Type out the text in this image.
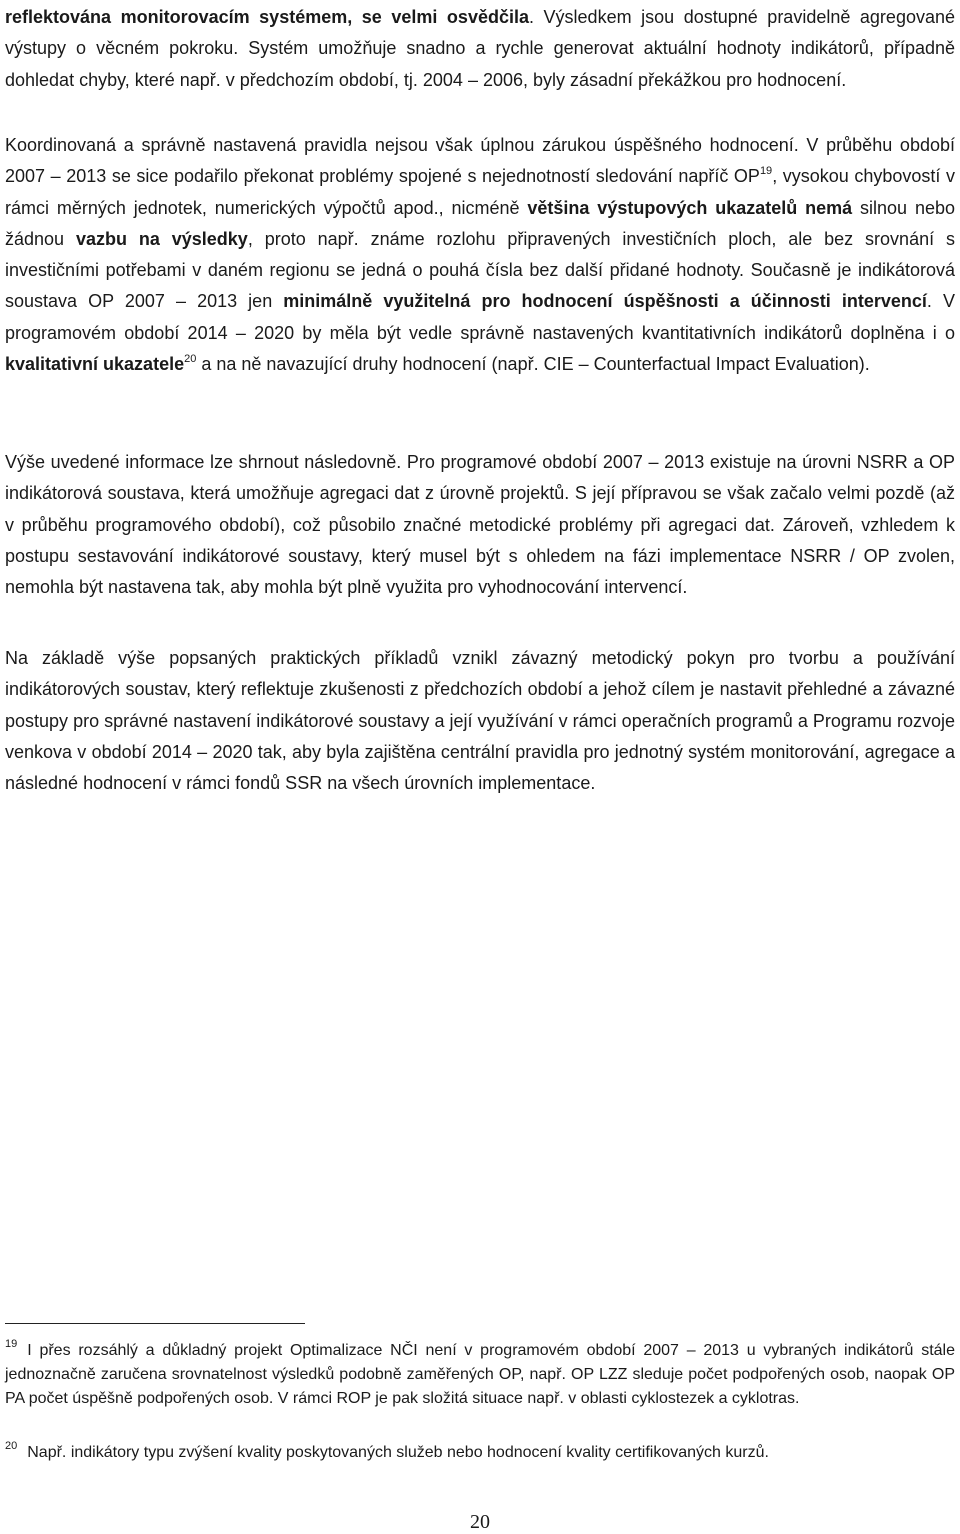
reflektována monitorovacím systémem, se velmi osvědčila. Výsledkem jsou dostupné pravidelně agregované výstupy o věcném pokroku. Systém umožňuje snadno a rychle generovat aktuální hodnoty indikátorů, případně dohledat chyby, které např. v předchozím období, tj. 2004 – 2006, byly zásadní překážkou pro hodnocení.

Koordinovaná a správně nastavená pravidla nejsou však úplnou zárukou úspěšného hodnocení. V průběhu období 2007 – 2013 se sice podařilo překonat problémy spojené s nejednotností sledování napříč OP$^{19}$, vysokou chybovostí v rámci měrných jednotek, numerických výpočtů apod., nicméně většina výstupových ukazatelů nemá silnou nebo žádnou vazbu na výsledky, proto např. známe rozlohu připravených investičních ploch, ale bez srovnání s investičními potřebami v daném regionu se jedná o pouhá čísla bez další přidané hodnoty. Současně je indikátorová soustava OP 2007 – 2013 jen minimálně využitelná pro hodnocení úspěšnosti a účinnosti intervencí. V programovém období 2014 – 2020 by měla být vedle správně nastavených kvantitativních indikátorů doplněna i o kvalitativní ukazatele$^{20}$ a na ně navazující druhy hodnocení (např. CIE – Counterfactual Impact Evaluation).

Výše uvedené informace lze shrnout následovně. Pro programové období 2007 – 2013 existuje na úrovni NSRR a OP indikátorová soustava, která umožňuje agregaci dat z úrovně projektů. S její přípravou se však začalo velmi pozdě (až v průběhu programového období), což působilo značné metodické problémy při agregaci dat. Zároveň, vzhledem k postupu sestavování indikátorové soustavy, který musel být s ohledem na fázi implementace NSRR / OP zvolen, nemohla být nastavena tak, aby mohla být plně využita pro vyhodnocování intervencí.

Na základě výše popsaných praktických příkladů vznikl závazný metodický pokyn pro tvorbu a používání indikátorových soustav, který reflektuje zkušenosti z předchozích období a jehož cílem je nastavit přehledné a závazné postupy pro správné nastavení indikátorové soustavy a její využívání v rámci operačních programů a Programu rozvoje venkova v období 2014 – 2020 tak, aby byla zajištěna centrální pravidla pro jednotný systém monitorování, agregace a následné hodnocení v rámci fondů SSR na všech úrovních implementace.

$^{19}$ I přes rozsáhlý a důkladný projekt Optimalizace NČI není v programovém období 2007 – 2013 u vybraných indikátorů stále jednoznačně zaručena srovnatelnost výsledků podobně zaměřených OP, např. OP LZZ sleduje počet podpořených osob, naopak OP PA počet úspěšně podpořených osob. V rámci ROP je pak složitá situace např. v oblasti cyklostezek a cyklotras.

$^{20}$ Např. indikátory typu zvýšení kvality poskytovaných služeb nebo hodnocení kvality certifikovaných kurzů.

20
